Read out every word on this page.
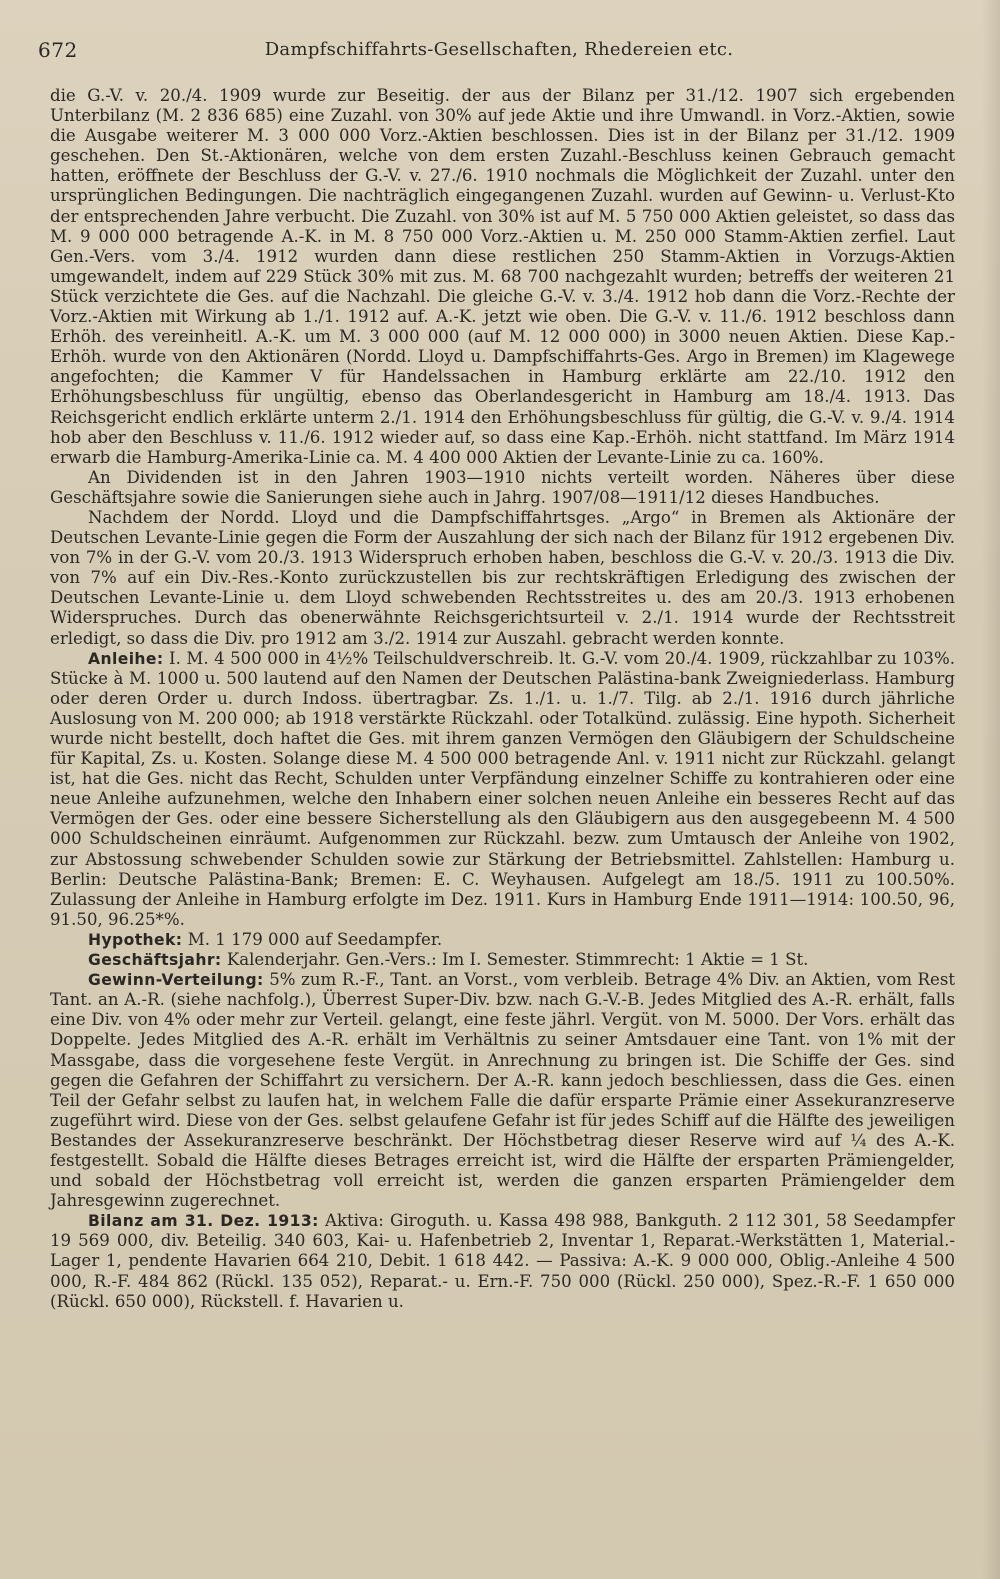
672	Dampfschiffahrts-Gesellschaften, Rhedereien etc.

die G.-V. v. 20./4. 1909 wurde zur Beseitig. der aus der Bilanz per 31./12. 1907 sich ergebenden Unterbilanz (M. 2 836 685) eine Zuzahl. von 30% auf jede Aktie und ihre Umwandl. in Vorz.-Aktien, sowie die Ausgabe weiterer M. 3 000 000 Vorz.-Aktien beschlossen. Dies ist in der Bilanz per 31./12. 1909 geschehen. Den St.-Aktionären, welche von dem ersten Zuzahl.-Beschluss keinen Gebrauch gemacht hatten, eröffnete der Beschluss der G.-V. v. 27./6. 1910 nochmals die Möglichkeit der Zuzahl. unter den ursprünglichen Bedingungen. Die nachträglich eingegangenen Zuzahl. wurden auf Gewinn- u. Verlust-Kto der entsprechenden Jahre verbucht. Die Zuzahl. von 30% ist auf M. 5 750 000 Aktien geleistet, so dass das M. 9 000 000 betragende A.-K. in M. 8 750 000 Vorz.-Aktien u. M. 250 000 Stamm-Aktien zerfiel. Laut Gen.-Vers. vom 3./4. 1912 wurden dann diese restlichen 250 Stamm-Aktien in Vorzugs-Aktien umgewandelt, indem auf 229 Stück 30% mit zus. M. 68 700 nachgezahlt wurden; betreffs der weiteren 21 Stück verzichtete die Ges. auf die Nachzahl. Die gleiche G.-V. v. 3./4. 1912 hob dann die Vorz.-Rechte der Vorz.-Aktien mit Wirkung ab 1./1. 1912 auf. A.-K. jetzt wie oben. Die G.-V. v. 11./6. 1912 beschloss dann Erhöh. des vereinheitl. A.-K. um M. 3 000 000 (auf M. 12 000 000) in 3000 neuen Aktien. Diese Kap.-Erhöh. wurde von den Aktionären (Nordd. Lloyd u. Dampfschiffahrts-Ges. Argo in Bremen) im Klagewege angefochten; die Kammer V für Handelssachen in Hamburg erklärte am 22./10. 1912 den Erhöhungsbeschluss für ungültig, ebenso das Oberlandesgericht in Hamburg am 18./4. 1913. Das Reichsgericht endlich erklärte unterm 2./1. 1914 den Erhöhungsbeschluss für gültig, die G.-V. v. 9./4. 1914 hob aber den Beschluss v. 11./6. 1912 wieder auf, so dass eine Kap.-Erhöh. nicht stattfand. Im März 1914 erwarb die Hamburg-Amerika-Linie ca. M. 4 400 000 Aktien der Levante-Linie zu ca. 160%.

An Dividenden ist in den Jahren 1903—1910 nichts verteilt worden. Näheres über diese Geschäftsjahre sowie die Sanierungen siehe auch in Jahrg. 1907/08—1911/12 dieses Handbuches.

Nachdem der Nordd. Lloyd und die Dampfschiffahrtsges. „Argo“ in Bremen als Aktionäre der Deutschen Levante-Linie gegen die Form der Auszahlung der sich nach der Bilanz für 1912 ergebenen Div. von 7% in der G.-V. vom 20./3. 1913 Widerspruch erhoben haben, beschloss die G.-V. v. 20./3. 1913 die Div. von 7% auf ein Div.-Res.-Konto zurückzustellen bis zur rechtskräftigen Erledigung des zwischen der Deutschen Levante-Linie u. dem Lloyd schwebenden Rechtsstreites u. des am 20./3. 1913 erhobenen Widerspruches. Durch das obenerwähnte Reichsgerichtsurteil v. 2./1. 1914 wurde der Rechtsstreit erledigt, so dass die Div. pro 1912 am 3./2. 1914 zur Auszahl. gebracht werden konnte.

Anleihe: I. M. 4 500 000 in 4½% Teilschuldverschreib. lt. G.-V. vom 20./4. 1909, rückzahlbar zu 103%. Stücke à M. 1000 u. 500 lautend auf den Namen der Deutschen Palästina-bank Zweigniederlass. Hamburg oder deren Order u. durch Indoss. übertragbar. Zs. 1./1. u. 1./7. Tilg. ab 2./1. 1916 durch jährliche Auslosung von M. 200 000; ab 1918 verstärkte Rückzahl. oder Totalkünd. zulässig. Eine hypoth. Sicherheit wurde nicht bestellt, doch haftet die Ges. mit ihrem ganzen Vermögen den Gläubigern der Schuldscheine für Kapital, Zs. u. Kosten. Solange diese M. 4 500 000 betragende Anl. v. 1911 nicht zur Rückzahl. gelangt ist, hat die Ges. nicht das Recht, Schulden unter Verpfändung einzelner Schiffe zu kontrahieren oder eine neue Anleihe aufzunehmen, welche den Inhabern einer solchen neuen Anleihe ein besseres Recht auf das Vermögen der Ges. oder eine bessere Sicherstellung als den Gläubigern aus den ausgegebeenn M. 4 500 000 Schuldscheinen einräumt. Aufgenommen zur Rückzahl. bezw. zum Umtausch der Anleihe von 1902, zur Abstossung schwebender Schulden sowie zur Stärkung der Betriebsmittel. Zahlstellen: Hamburg u. Berlin: Deutsche Palästina-Bank; Bremen: E. C. Weyhausen. Aufgelegt am 18./5. 1911 zu 100.50%. Zulassung der Anleihe in Hamburg erfolgte im Dez. 1911. Kurs in Hamburg Ende 1911—1914: 100.50, 96, 91.50, 96.25*%.

Hypothek: M. 1 179 000 auf Seedampfer.

Geschäftsjahr: Kalenderjahr. Gen.-Vers.: Im I. Semester. Stimmrecht: 1 Aktie = 1 St.

Gewinn-Verteilung: 5% zum R.-F., Tant. an Vorst., vom verbleib. Betrage 4% Div. an Aktien, vom Rest Tant. an A.-R. (siehe nachfolg.), Überrest Super-Div. bzw. nach G.-V.-B. Jedes Mitglied des A.-R. erhält, falls eine Div. von 4% oder mehr zur Verteil. gelangt, eine feste jährl. Vergüt. von M. 5000. Der Vors. erhält das Doppelte. Jedes Mitglied des A.-R. erhält im Verhältnis zu seiner Amtsdauer eine Tant. von 1% mit der Massgabe, dass die vorgesehene feste Vergüt. in Anrechnung zu bringen ist. Die Schiffe der Ges. sind gegen die Gefahren der Schiffahrt zu versichern. Der A.-R. kann jedoch beschliessen, dass die Ges. einen Teil der Gefahr selbst zu laufen hat, in welchem Falle die dafür ersparte Prämie einer Assekuranzreserve zugeführt wird. Diese von der Ges. selbst gelaufene Gefahr ist für jedes Schiff auf die Hälfte des jeweiligen Bestandes der Assekuranzreserve beschränkt. Der Höchstbetrag dieser Reserve wird auf ¼ des A.-K. festgestellt. Sobald die Hälfte dieses Betrages erreicht ist, wird die Hälfte der ersparten Prämiengelder, und sobald der Höchstbetrag voll erreicht ist, werden die ganzen ersparten Prämiengelder dem Jahresgewinn zugerechnet.

Bilanz am 31. Dez. 1913: Aktiva: Giroguth. u. Kassa 498 988, Bankguth. 2 112 301, 58 Seedampfer 19 569 000, div. Beteilig. 340 603, Kai- u. Hafenbetrieb 2, Inventar 1, Reparat.-Werkstätten 1, Material.-Lager 1, pendente Havarien 664 210, Debit. 1 618 442. — Passiva: A.-K. 9 000 000, Oblig.-Anleihe 4 500 000, R.-F. 484 862 (Rückl. 135 052), Reparat.- u. Ern.-F. 750 000 (Rückl. 250 000), Spez.-R.-F. 1 650 000 (Rückl. 650 000), Rückstell. f. Havarien u.
